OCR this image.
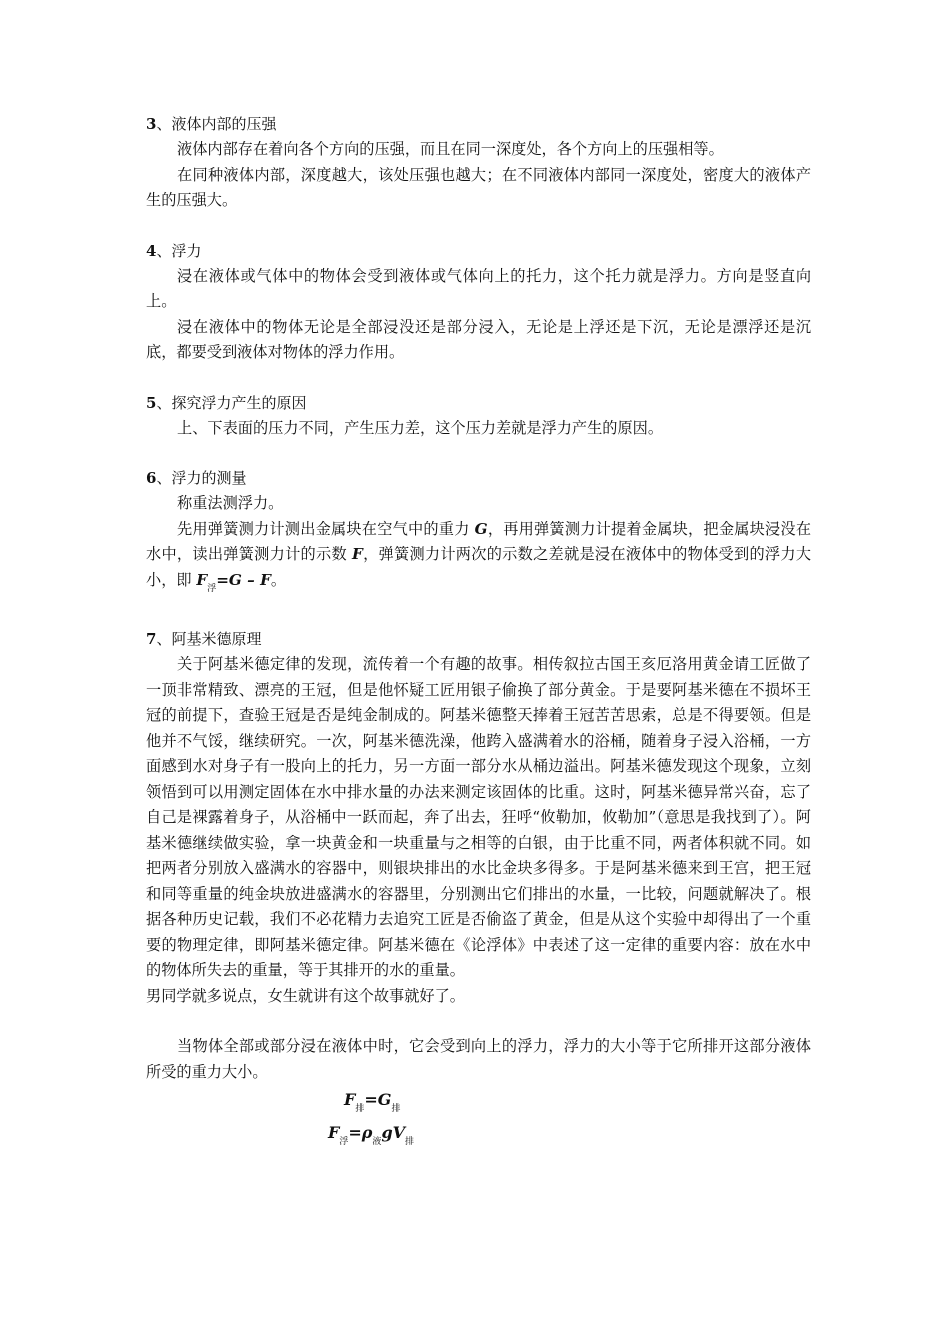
3、液体内部的压强

液体内部存在着向各个方向的压强，而且在同一深度处，各个方向上的压强相等。

在同种液体内部，深度越大，该处压强也越大；在不同液体内部同一深度处，密度大的液体产生的压强大。

4、浮力

浸在液体或气体中的物体会受到液体或气体向上的托力，这个托力就是浮力。方向是竖直向上。

浸在液体中的物体无论是全部浸没还是部分浸入，无论是上浮还是下沉，无论是漂浮还是沉底，都要受到液体对物体的浮力作用。

5、探究浮力产生的原因

上、下表面的压力不同，产生压力差，这个压力差就是浮力产生的原因。

6、浮力的测量

称重法测浮力。

先用弹簧测力计测出金属块在空气中的重力 G，再用弹簧测力计提着金属块，把金属块浸没在水中，读出弹簧测力计的示数 F，弹簧测力计两次的示数之差就是浸在液体中的物体受到的浮力大小，即 $F_浮=G - F$。

7、阿基米德原理

关于阿基米德定律的发现，流传着一个有趣的故事。相传叙拉古国王亥厄洛用黄金请工匠做了一顶非常精致、漂亮的王冠，但是他怀疑工匠用银子偷换了部分黄金。于是要阿基米德在不损坏王冠的前提下，查验王冠是否是纯金制成的。阿基米德整天捧着王冠苦苦思索，总是不得要领。但是他并不气馁，继续研究。一次，阿基米德洗澡，他跨入盛满着水的浴桶，随着身子浸入浴桶，一方面感到水对身子有一股向上的托力，另一方面一部分水从桶边溢出。阿基米德发现这个现象，立刻领悟到可以用测定固体在水中排水量的办法来测定该固体的比重。这时，阿基米德异常兴奋，忘了自己是裸露着身子，从浴桶中一跃而起，奔了出去，狂呼“攸勒加，攸勒加”（意思是我找到了）。阿基米德继续做实验，拿一块黄金和一块重量与之相等的白银，由于比重不同，两者体积就不同。如把两者分别放入盛满水的容器中，则银块排出的水比金块多得多。于是阿基米德来到王宫，把王冠和同等重量的纯金块放进盛满水的容器里，分别测出它们排出的水量，一比较，问题就解决了。根据各种历史记载，我们不必花精力去追究工匠是否偷盗了黄金，但是从这个实验中却得出了一个重要的物理定律，即阿基米德定律。阿基米德在《论浮体》中表述了这一定律的重要内容：放在水中的物体所失去的重量，等于其排开的水的重量。

男同学就多说点，女生就讲有这个故事就好了。

当物体全部或部分浸在液体中时，它会受到向上的浮力，浮力的大小等于它所排开这部分液体所受的重力大小。

$F_排=G_排$
$F_浮=\rho_液gV_排$
